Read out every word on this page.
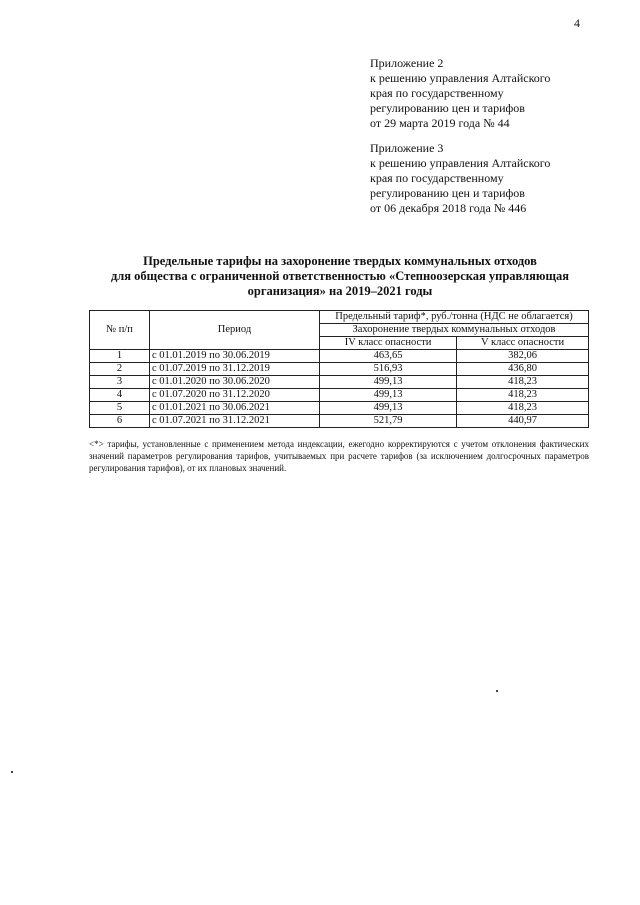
4
Приложение 2
к решению управления Алтайского
края по государственному
регулированию цен и тарифов
от 29 марта 2019 года № 44
Приложение 3
к решению управления Алтайского
края по государственному
регулированию цен и тарифов
от 06 декабря 2018 года № 446
Предельные тарифы на захоронение твердых коммунальных отходов
для общества с ограниченной ответственностью «Степноозерская управляющая
организация» на 2019–2021 годы
№ п/п	Период	Предельный тариф*, руб./тонна (НДС не облагается)	
		Захоронение твердых коммунальных отходов	
		IV класс опасности	V класс опасности
1	с 01.01.2019 по 30.06.2019	463,65	382,06
2	с 01.07.2019 по 31.12.2019	516,93	436,80
3	с 01.01.2020 по 30.06.2020	499,13	418,23
4	с 01.07.2020 по 31.12.2020	499,13	418,23
5	с 01.01.2021 по 30.06.2021	499,13	418,23
6	с 01.07.2021 по 31.12.2021	521,79	440,97
<*> тарифы, установленные с применением метода индексации, ежегодно корректируются с учетом отклонения фактических значений параметров регулирования тарифов, учитываемых при расчете тарифов (за исключением долгосрочных параметров регулирования тарифов), от их плановых значений.
